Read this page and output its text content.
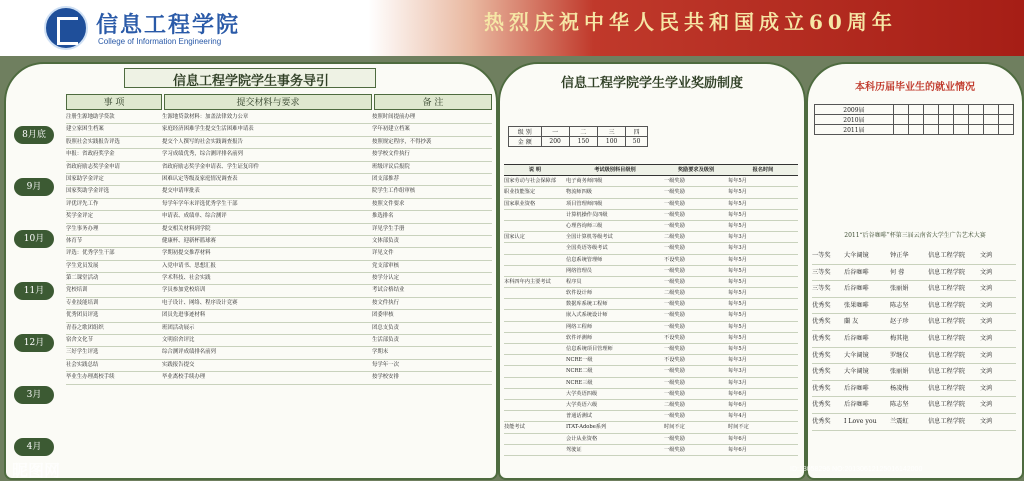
信息工程学院
College of Information Engineering
热烈庆祝中华人民共和国成立60周年
信息工程学院学生事务导引
事 项	提交材料与要求	备 注
8月底
9月
10月
11月
12月
3月
4月
注册生源地助学贷款	生源地贷款材料：加盖法律效力公章	按照时间提前办理
建立家困生档案	家庭经济困难学生提交生活困难申请表	学年初建立档案
股照社会实践报告评选	提交个人撰写的社会实践调查报告	按照规定程序，不得抄袭
申报：省政府奖学金	学习成绩优秀，综合测评排名前列	按学校文件执行
省政府励志奖学金申请	省政府励志奖学金申请表、学生证复印件	班级评议后报院
国家助学金评定	困难认定等级及家庭情况调查表	团支部推荐
国家奖助学金评选	提交申请审批表	院学生工作组审核
评优评先工作	每学年学年末评选优秀学生干部	按照文件要求
奖学金评定	申请表、成绩单、综合测评	推选排名
学生事务办理	提交相关材料到学院	详见学生手册
体育节	健康杯、迎新杯篮球赛	文体部负责
评选：优秀学生干部	学期初提交推荐材料	详见文件
学生党员发展	入党申请书、思想汇报	党支部审核
第二课堂活动	学术科技、社会实践	按学分认定
党校培训	学员参加党校培训	考试合格结业
专业技能培训	电子设计、网络、程序设计竞赛	按文件执行
优秀团员评选	团员先进事迹材料	团委审核
青春之歌团组织	班团活动展示	团总支负责
宿舍文化节	文明宿舍评比	生活部负责
三好学生评选	综合测评成绩排名前列	学期末
社会实践总结	实践报告提交	每学年一次
毕业生办理离校手续	毕业离校手续办理	按学校安排
信息工程学院学生学业奖励制度
级 别	一	二	三	四
金 额	200	150	100	50
说 明	考试级别科目级别	奖励要求及级别	报名时间
国家劳动与社会保障部 电子商务师四级	一级奖励	每年5月
职业技能鉴定	物流师四级	一级奖励	每年5月
国家职业资格	项目管理师四级	一级奖励	每年5月
计算机操作员四级	一级奖励	每年5月
心理咨询师三级	一级奖励	每年5月
国家认定	全国计算机等级考试	二级奖励	每年3月
全国英语等级考试	一级奖励	每年3月
信息系统管理师	不设奖励	每年5月
网络管理员	一级奖励	每年5月
本科四年内主要考试	程序员	一级奖励	每年5月
软件设计师	二级奖励	每年5月
数据库系统工程师	一级奖励	每年5月
嵌入式系统设计师	一级奖励	每年5月
网络工程师	一级奖励	每年5月
软件评测师	不设奖励	每年5月
信息系统项目管理师	一级奖励	每年5月
NCRE一级	不设奖励	每年3月
NCRE二级	一级奖励	每年3月
NCRE三级	一级奖励	每年3月
大学英语四级	一级奖励	每年6月
大学英语六级	二级奖励	每年6月
普通话测试	一级奖励	每年4月
技能考试	ITAT-Adobe系列	时间不定	时间不定
会计从业资格	一级奖励	每年6月
驾驶证	一级奖励	每年6月
本科历届毕业生的就业情况
2009届								
2010届								
2011届								
2011“后谷咖啡”杯第三届云南省大学生广告艺术大赛
一等奖 大伞阔镜	钟正华	信息工程学院 文鸿
三等奖 后谷咖啡	何 蓉	信息工程学院 文鸿
三等奖 后谷咖啡	张丽娟	信息工程学院 文鸿
优秀奖 张果咖啡	陈志坚	信息工程学院 文鸿
优秀奖 蘭 友	赵子珍	信息工程学院 文鸿
优秀奖 后谷咖啡	梅其艳	信息工程学院 文鸿
优秀奖 大伞阔镜	罗继仪	信息工程学院 文鸿
优秀奖 大伞阔镜	张丽娟	信息工程学院 文鸿
优秀奖 后谷咖啡	杨凌梅	信息工程学院 文鸿
优秀奖 后谷咖啡	陈志坚	信息工程学院 文鸿
优秀奖 I Love you 兰震虹	信息工程学院 文鸿
昵图网	ID:13058296 NO:20130612125016142000
